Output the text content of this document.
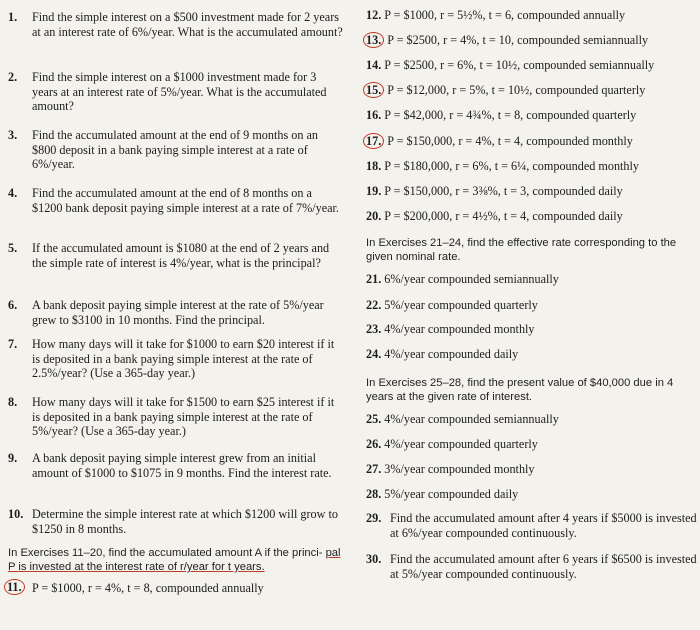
1. Find the simple interest on a $500 investment made for 2 years at an interest rate of 6%/year. What is the accumulated amount?
2. Find the simple interest on a $1000 investment made for 3 years at an interest rate of 5%/year. What is the accumulated amount?
3. Find the accumulated amount at the end of 9 months on an $800 deposit in a bank paying simple interest at a rate of 6%/year.
4. Find the accumulated amount at the end of 8 months on a $1200 bank deposit paying simple interest at a rate of 7%/year.
5. If the accumulated amount is $1080 at the end of 2 years and the simple rate of interest is 4%/year, what is the principal?
6. A bank deposit paying simple interest at the rate of 5%/year grew to $3100 in 10 months. Find the principal.
7. How many days will it take for $1000 to earn $20 interest if it is deposited in a bank paying simple interest at the rate of 2.5%/year? (Use a 365-day year.)
8. How many days will it take for $1500 to earn $25 interest if it is deposited in a bank paying simple interest at the rate of 5%/year? (Use a 365-day year.)
9. A bank deposit paying simple interest grew from an initial amount of $1000 to $1075 in 9 months. Find the interest rate.
10. Determine the simple interest rate at which $1200 will grow to $1250 in 8 months.
In Exercises 11–20, find the accumulated amount A if the princi- pal P is invested at the interest rate of r/year for t years.
11. P = $1000, r = 4%, t = 8, compounded annually
12. P = $1000, r = 5½%, t = 6, compounded annually
13. P = $2500, r = 4%, t = 10, compounded semiannually
14. P = $2500, r = 6%, t = 10½, compounded semiannually
15. P = $12,000, r = 5%, t = 10½, compounded quarterly
16. P = $42,000, r = 4¾%, t = 8, compounded quarterly
17. P = $150,000, r = 4%, t = 4, compounded monthly
18. P = $180,000, r = 6%, t = 6¼, compounded monthly
19. P = $150,000, r = 3⅜%, t = 3, compounded daily
20. P = $200,000, r = 4½%, t = 4, compounded daily
In Exercises 21–24, find the effective rate corresponding to the given nominal rate.
21. 6%/year compounded semiannually
22. 5%/year compounded quarterly
23. 4%/year compounded monthly
24. 4%/year compounded daily
In Exercises 25–28, find the present value of $40,000 due in 4 years at the given rate of interest.
25. 4%/year compounded semiannually
26. 4%/year compounded quarterly
27. 3%/year compounded monthly
28. 5%/year compounded daily
29. Find the accumulated amount after 4 years if $5000 is invested at 6%/year compounded continuously.
30. Find the accumulated amount after 6 years if $6500 is invested at 5%/year compounded continuously.
